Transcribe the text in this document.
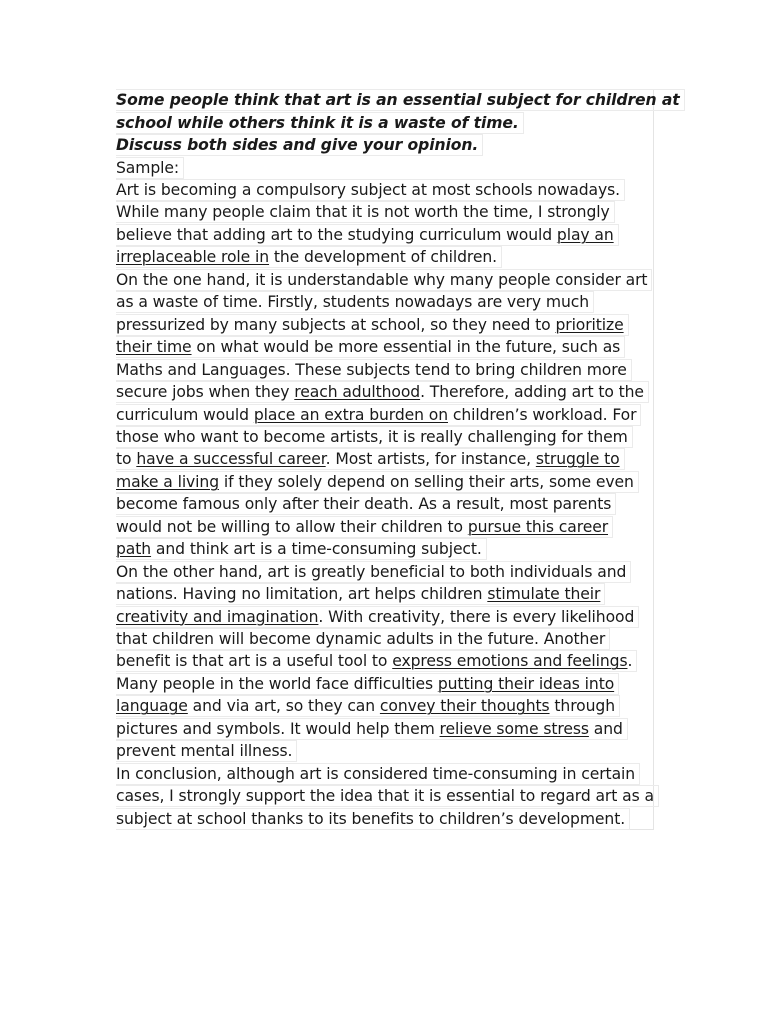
Some people think that art is an essential subject for children at
school while others think it is a waste of time.
Discuss both sides and give your opinion.
Sample:
Art is becoming a compulsory subject at most schools nowadays.
While many people claim that it is not worth the time, I strongly
believe that adding art to the studying curriculum would play an
irreplaceable role in the development of children.
On the one hand, it is understandable why many people consider art
as a waste of time. Firstly, students nowadays are very much
pressurized by many subjects at school, so they need to prioritize
their time on what would be more essential in the future, such as
Maths and Languages. These subjects tend to bring children more
secure jobs when they reach adulthood. Therefore, adding art to the
curriculum would place an extra burden on children’s workload. For
those who want to become artists, it is really challenging for them
to have a successful career. Most artists, for instance, struggle to
make a living if they solely depend on selling their arts, some even
become famous only after their death. As a result, most parents
would not be willing to allow their children to pursue this career
path and think art is a time-consuming subject.
On the other hand, art is greatly beneficial to both individuals and
nations. Having no limitation, art helps children stimulate their
creativity and imagination. With creativity, there is every likelihood
that children will become dynamic adults in the future. Another
benefit is that art is a useful tool to express emotions and feelings.
Many people in the world face difficulties putting their ideas into
language and via art, so they can convey their thoughts through
pictures and symbols. It would help them relieve some stress and
prevent mental illness.
In conclusion, although art is considered time-consuming in certain
cases, I strongly support the idea that it is essential to regard art as a
subject at school thanks to its benefits to children’s development.
